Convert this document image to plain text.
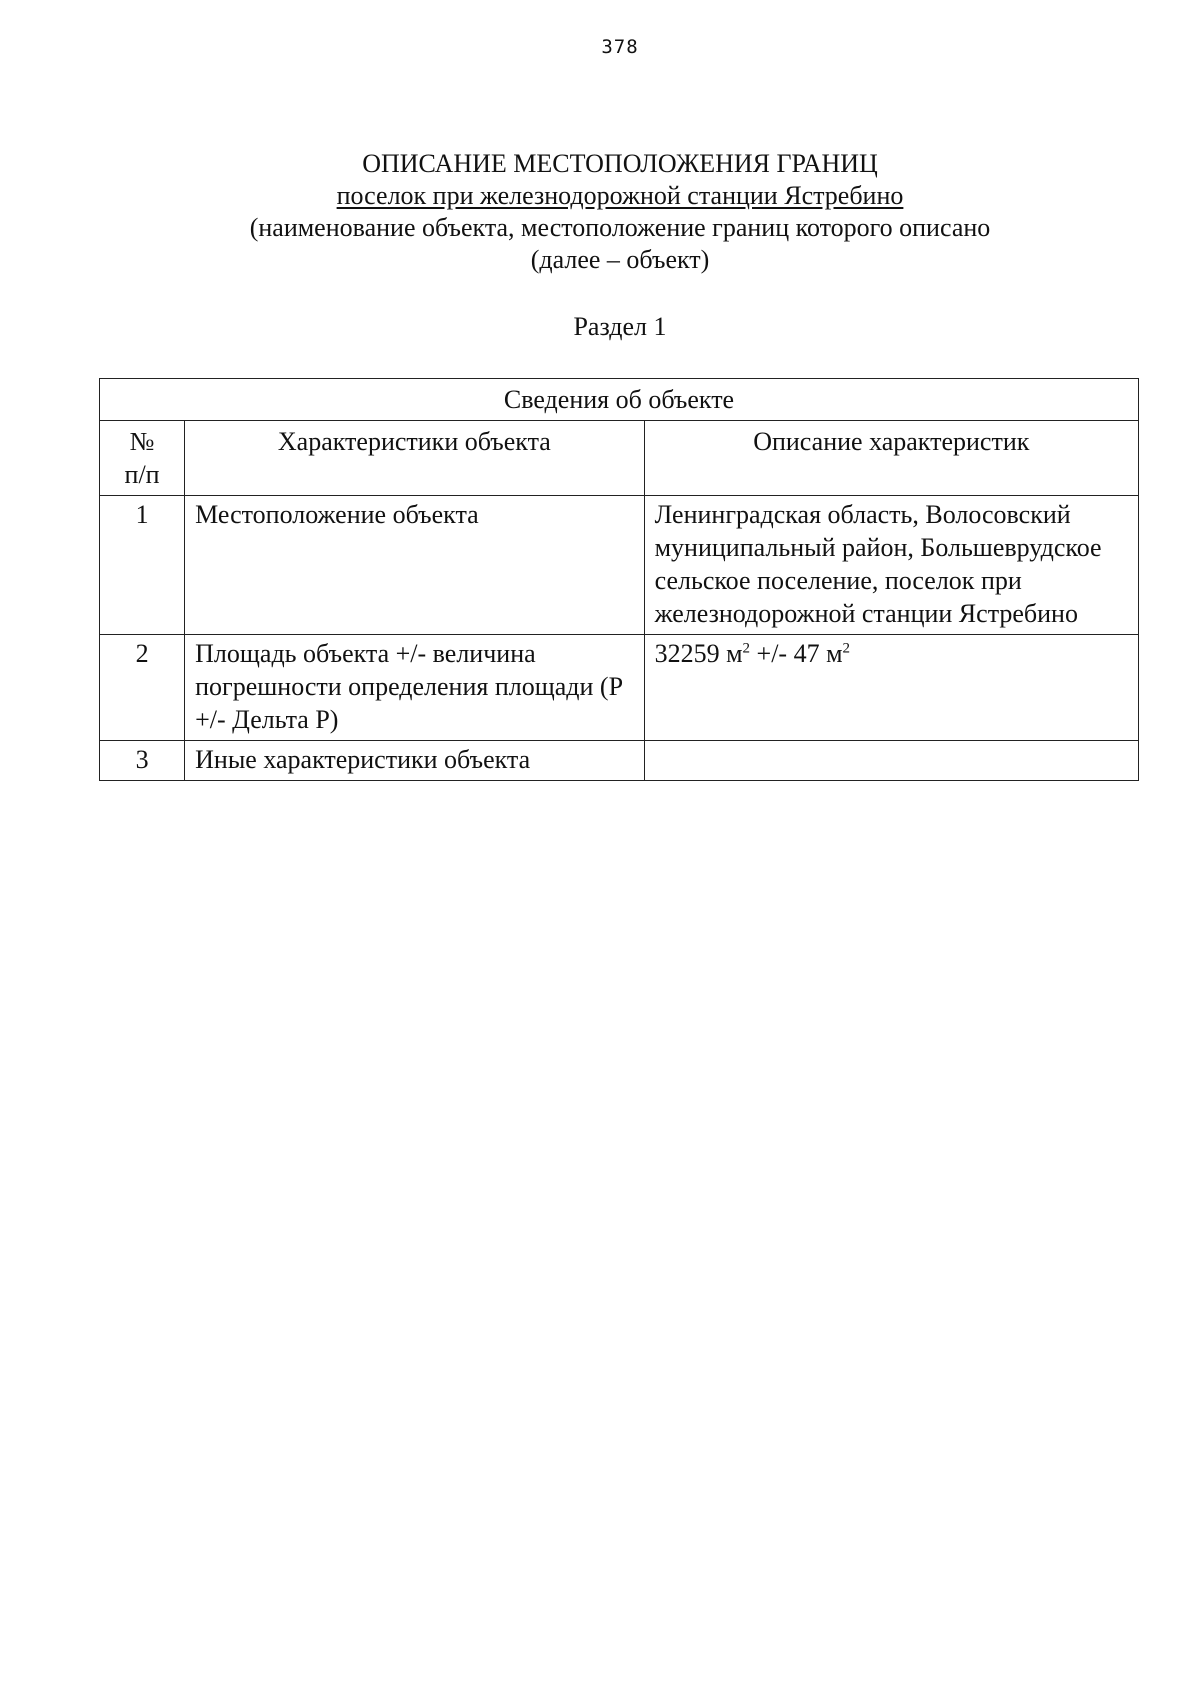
378
ОПИСАНИЕ МЕСТОПОЛОЖЕНИЯ ГРАНИЦ
поселок при железнодорожной станции Ястребино
(наименование объекта, местоположение границ которого описано
(далее – объект)
Раздел 1
Сведения об объекте		
№
п/п	Характеристики объекта	Описание характеристик
1	Местоположение объекта	Ленинградская область, Волосовский муниципальный район, Большеврудское сельское поселение, поселок при железнодорожной станции Ястребино
2	Площадь объекта +/- величина погрешности определения площади (Р +/- Дельта Р)	32259 $м^2$ +/- 47 $м^2$
3	Иные характеристики объекта	
